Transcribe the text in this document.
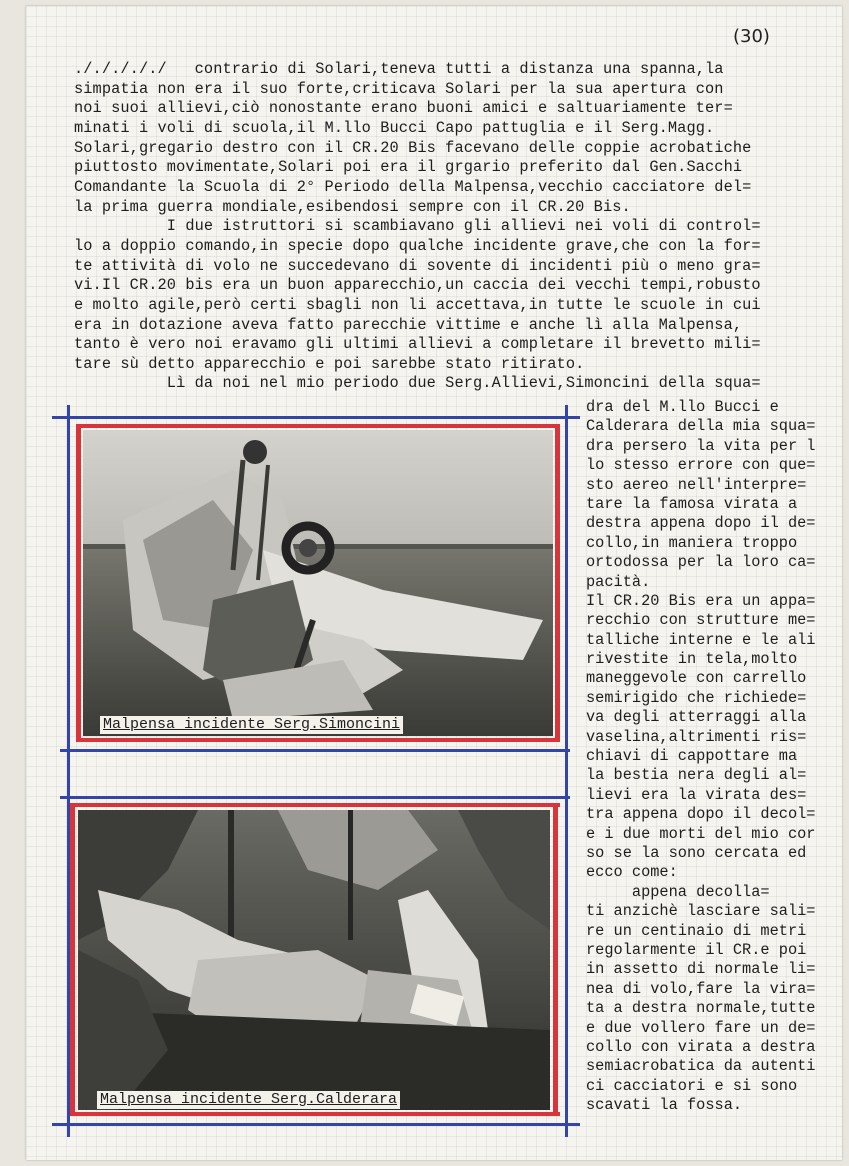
(30)
./././././   contrario di Solari,teneva tutti a distanza una spanna,la
simpatia non era il suo forte,criticava Solari per la sua apertura con
noi suoi allievi,ciò nonostante erano buoni amici e saltuariamente ter=
minati i voli di scuola,il M.llo Bucci Capo pattuglia e il Serg.Magg.
Solari,gregario destro con il CR.20 Bis facevano delle coppie acrobatiche
piuttosto movimentate,Solari poi era il grgario preferito dal Gen.Sacchi
Comandante la Scuola di 2° Periodo della Malpensa,vecchio cacciatore del=
la prima guerra mondiale,esibendosi sempre con il CR.20 Bis.
I due istruttori si scambiavano gli allievi nei voli di control=
lo a doppio comando,in specie dopo qualche incidente grave,che con la for=
te attività di volo ne succedevano di sovente di incidenti più o meno gra=
vi.Il CR.20 bis era un buon apparecchio,un caccia dei vecchi tempi,robusto
e molto agile,però certi sbagli non li accettava,in tutte le scuole in cui
era in dotazione aveva fatto parecchie vittime e anche lì alla Malpensa,
tanto è vero noi eravamo gli ultimi allievi a completare il brevetto mili=
tare sù detto apparecchio e poi sarebbe stato ritirato.
Lì da noi nel mio periodo due Serg.Allievi,Simoncini della squa=
dra del M.llo Bucci e
Calderara della mia squa=
dra persero la vita per l
lo stesso errore con que=
sto aereo nell'interpre=
tare la famosa virata a
destra appena dopo il de=
collo,in maniera troppo
ortodossa per la loro ca=
pacità.
Il CR.20 Bis era un appa=
recchio con strutture me=
talliche interne e le ali
rivestite in tela,molto
maneggevole con carrello
semirigido che richiede=
va degli atterraggi alla
vaselina,altrimenti ris=
chiavi di cappottare ma
la bestia nera degli al=
lievi era la virata des=
tra appena dopo il decol=
e i due morti del mio cor
so se la sono cercata ed
ecco come:
appena decolla=
ti anzichè lasciare sali=
re un centinaio di metri
regolarmente il CR.e poi
in assetto di normale li=
nea di volo,fare la vira=
ta a destra normale,tutte
e due vollero fare un de=
collo con virata a destra
semiacrobatica da autenti
ci cacciatori e si sono
scavati la fossa.
Malpensa incidente Serg.Simoncini
Malpensa incidente Serg.Calderara
